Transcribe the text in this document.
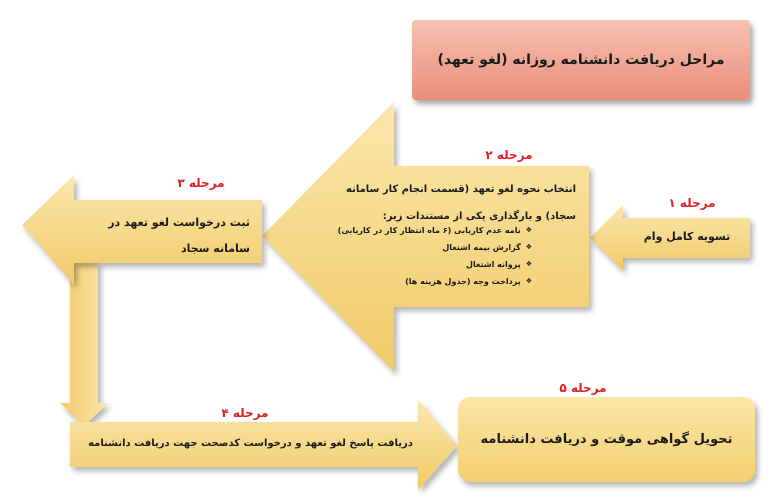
مراحل دریافت دانشنامه روزانه (لغو تعهد)
مرحله ۱
تسویه کامل وام
مرحله ۲
انتخاب نحوه لغو تعهد (قسمت انجام کار سامانه
سجاد) و بارگذاری یکی از مستندات زیر:
❖
نامه عدم کاریابی (۶ ماه انتظار کار در کاریابی)
❖
گزارش بیمه اشتغال
❖
پروانه اشتغال
❖
پرداخت وجه (جدول هزینه ها)
مرحله ۳
ثبت درخواست لغو تعهد در
سامانه سجاد
مرحله ۴
دریافت پاسخ لغو تعهد و درخواست کدصحت جهت دریافت دانشنامه
مرحله ۵
تحویل گواهی موقت و دریافت دانشنامه
